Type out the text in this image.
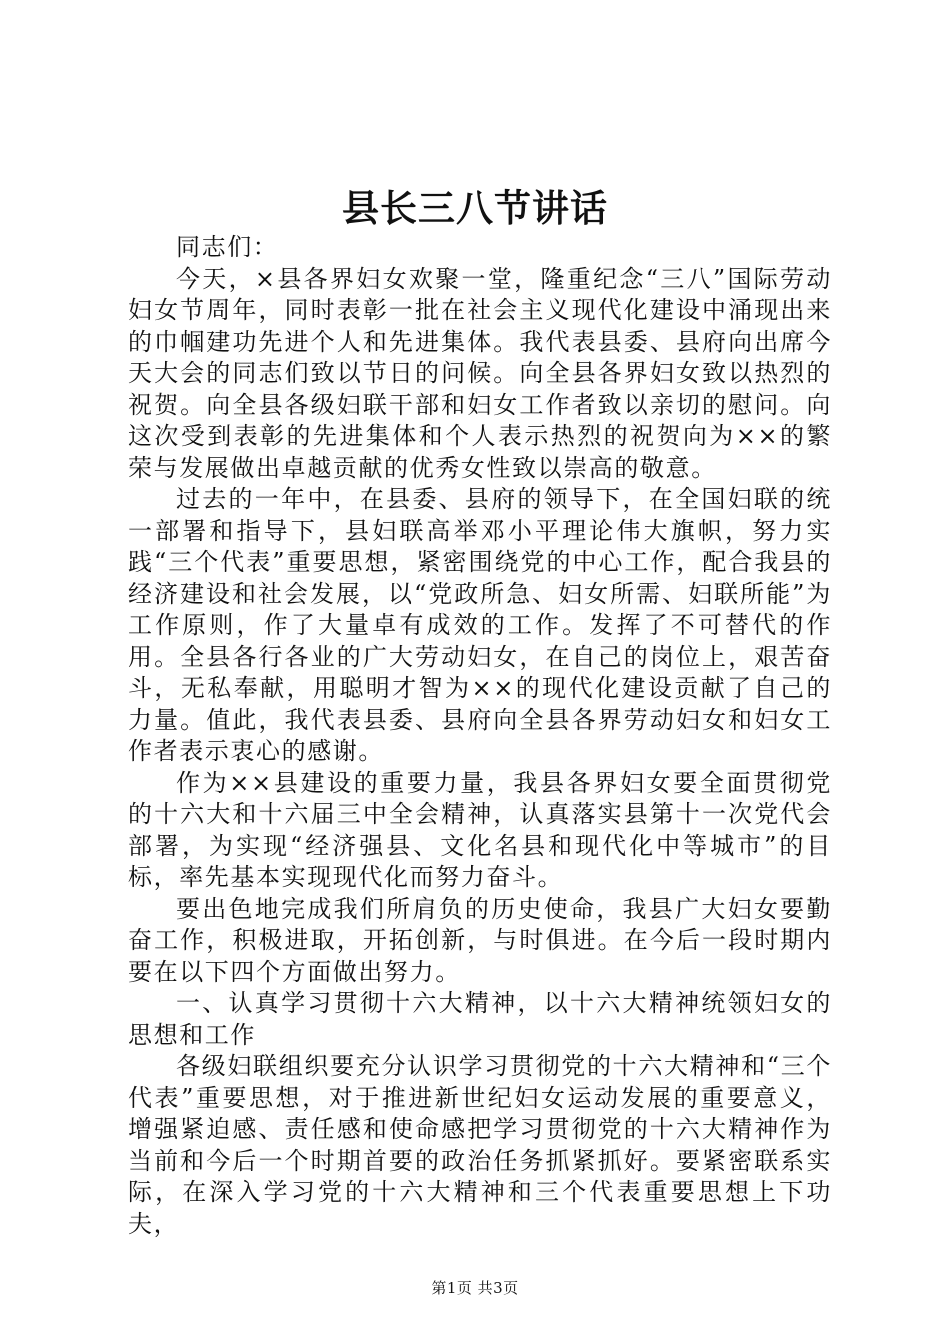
县长三八节讲话

同志们：

今天，×县各界妇女欢聚一堂，隆重纪念“三八”国际劳动妇女节周年，同时表彰一批在社会主义现代化建设中涌现出来的巾帼建功先进个人和先进集体。我代表县委、县府向出席今天大会的同志们致以节日的问候。向全县各界妇女致以热烈的祝贺。向全县各级妇联干部和妇女工作者致以亲切的慰问。向这次受到表彰的先进集体和个人表示热烈的祝贺向为××的繁荣与发展做出卓越贡献的优秀女性致以崇高的敬意。

过去的一年中，在县委、县府的领导下，在全国妇联的统一部署和指导下，县妇联高举邓小平理论伟大旗帜，努力实践“三个代表”重要思想，紧密围绕党的中心工作，配合我县的经济建设和社会发展，以“党政所急、妇女所需、妇联所能”为工作原则，作了大量卓有成效的工作。发挥了不可替代的作用。全县各行各业的广大劳动妇女，在自己的岗位上，艰苦奋斗，无私奉献，用聪明才智为××的现代化建设贡献了自己的力量。值此，我代表县委、县府向全县各界劳动妇女和妇女工作者表示衷心的感谢。

作为××县建设的重要力量，我县各界妇女要全面贯彻党的十六大和十六届三中全会精神，认真落实县第十一次党代会部署，为实现“经济强县、文化名县和现代化中等城市”的目标，率先基本实现现代化而努力奋斗。

要出色地完成我们所肩负的历史使命，我县广大妇女要勤奋工作，积极进取，开拓创新，与时俱进。在今后一段时期内要在以下四个方面做出努力。

一、认真学习贯彻十六大精神，以十六大精神统领妇女的思想和工作

各级妇联组织要充分认识学习贯彻党的十六大精神和“三个代表”重要思想，对于推进新世纪妇女运动发展的重要意义，增强紧迫感、责任感和使命感把学习贯彻党的十六大精神作为当前和今后一个时期首要的政治任务抓紧抓好。要紧密联系实际，在深入学习党的十六大精神和三个代表重要思想上下功夫，

第1页 共3页
